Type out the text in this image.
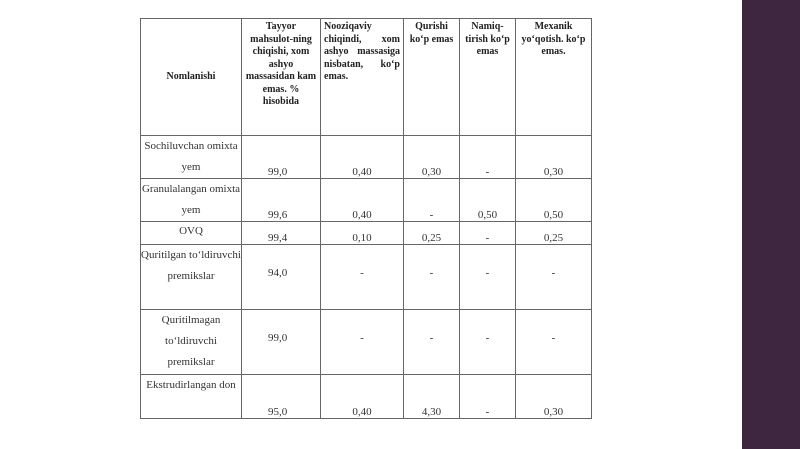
Nomlanishi	Tayyor mahsulot-ning chiqishi, xom ashyo massasidan kam emas. % hisobida	Nooziqaviy chiqindi, xom ashyo massasiga nisbatan, koʻp emas.	Qurishi koʻp emas	Namiq-tirish koʻp emas	Mexanik yoʻqotish. koʻp emas.

Sochiluvchan omixta yem	99,0	0,40	0,30	-	0,30
Granulalangan omixta yem	99,6	0,40	-	0,50	0,50
OVQ	99,4	0,10	0,25	-	0,25
Quritilgan toʻldiruvchi premikslar	94,0	-	-	-	-
Quritilmagan toʻldiruvchi premikslar	99,0	-	-	-	-
Ekstrudirlangan don	95,0	0,40	4,30	-	0,30
